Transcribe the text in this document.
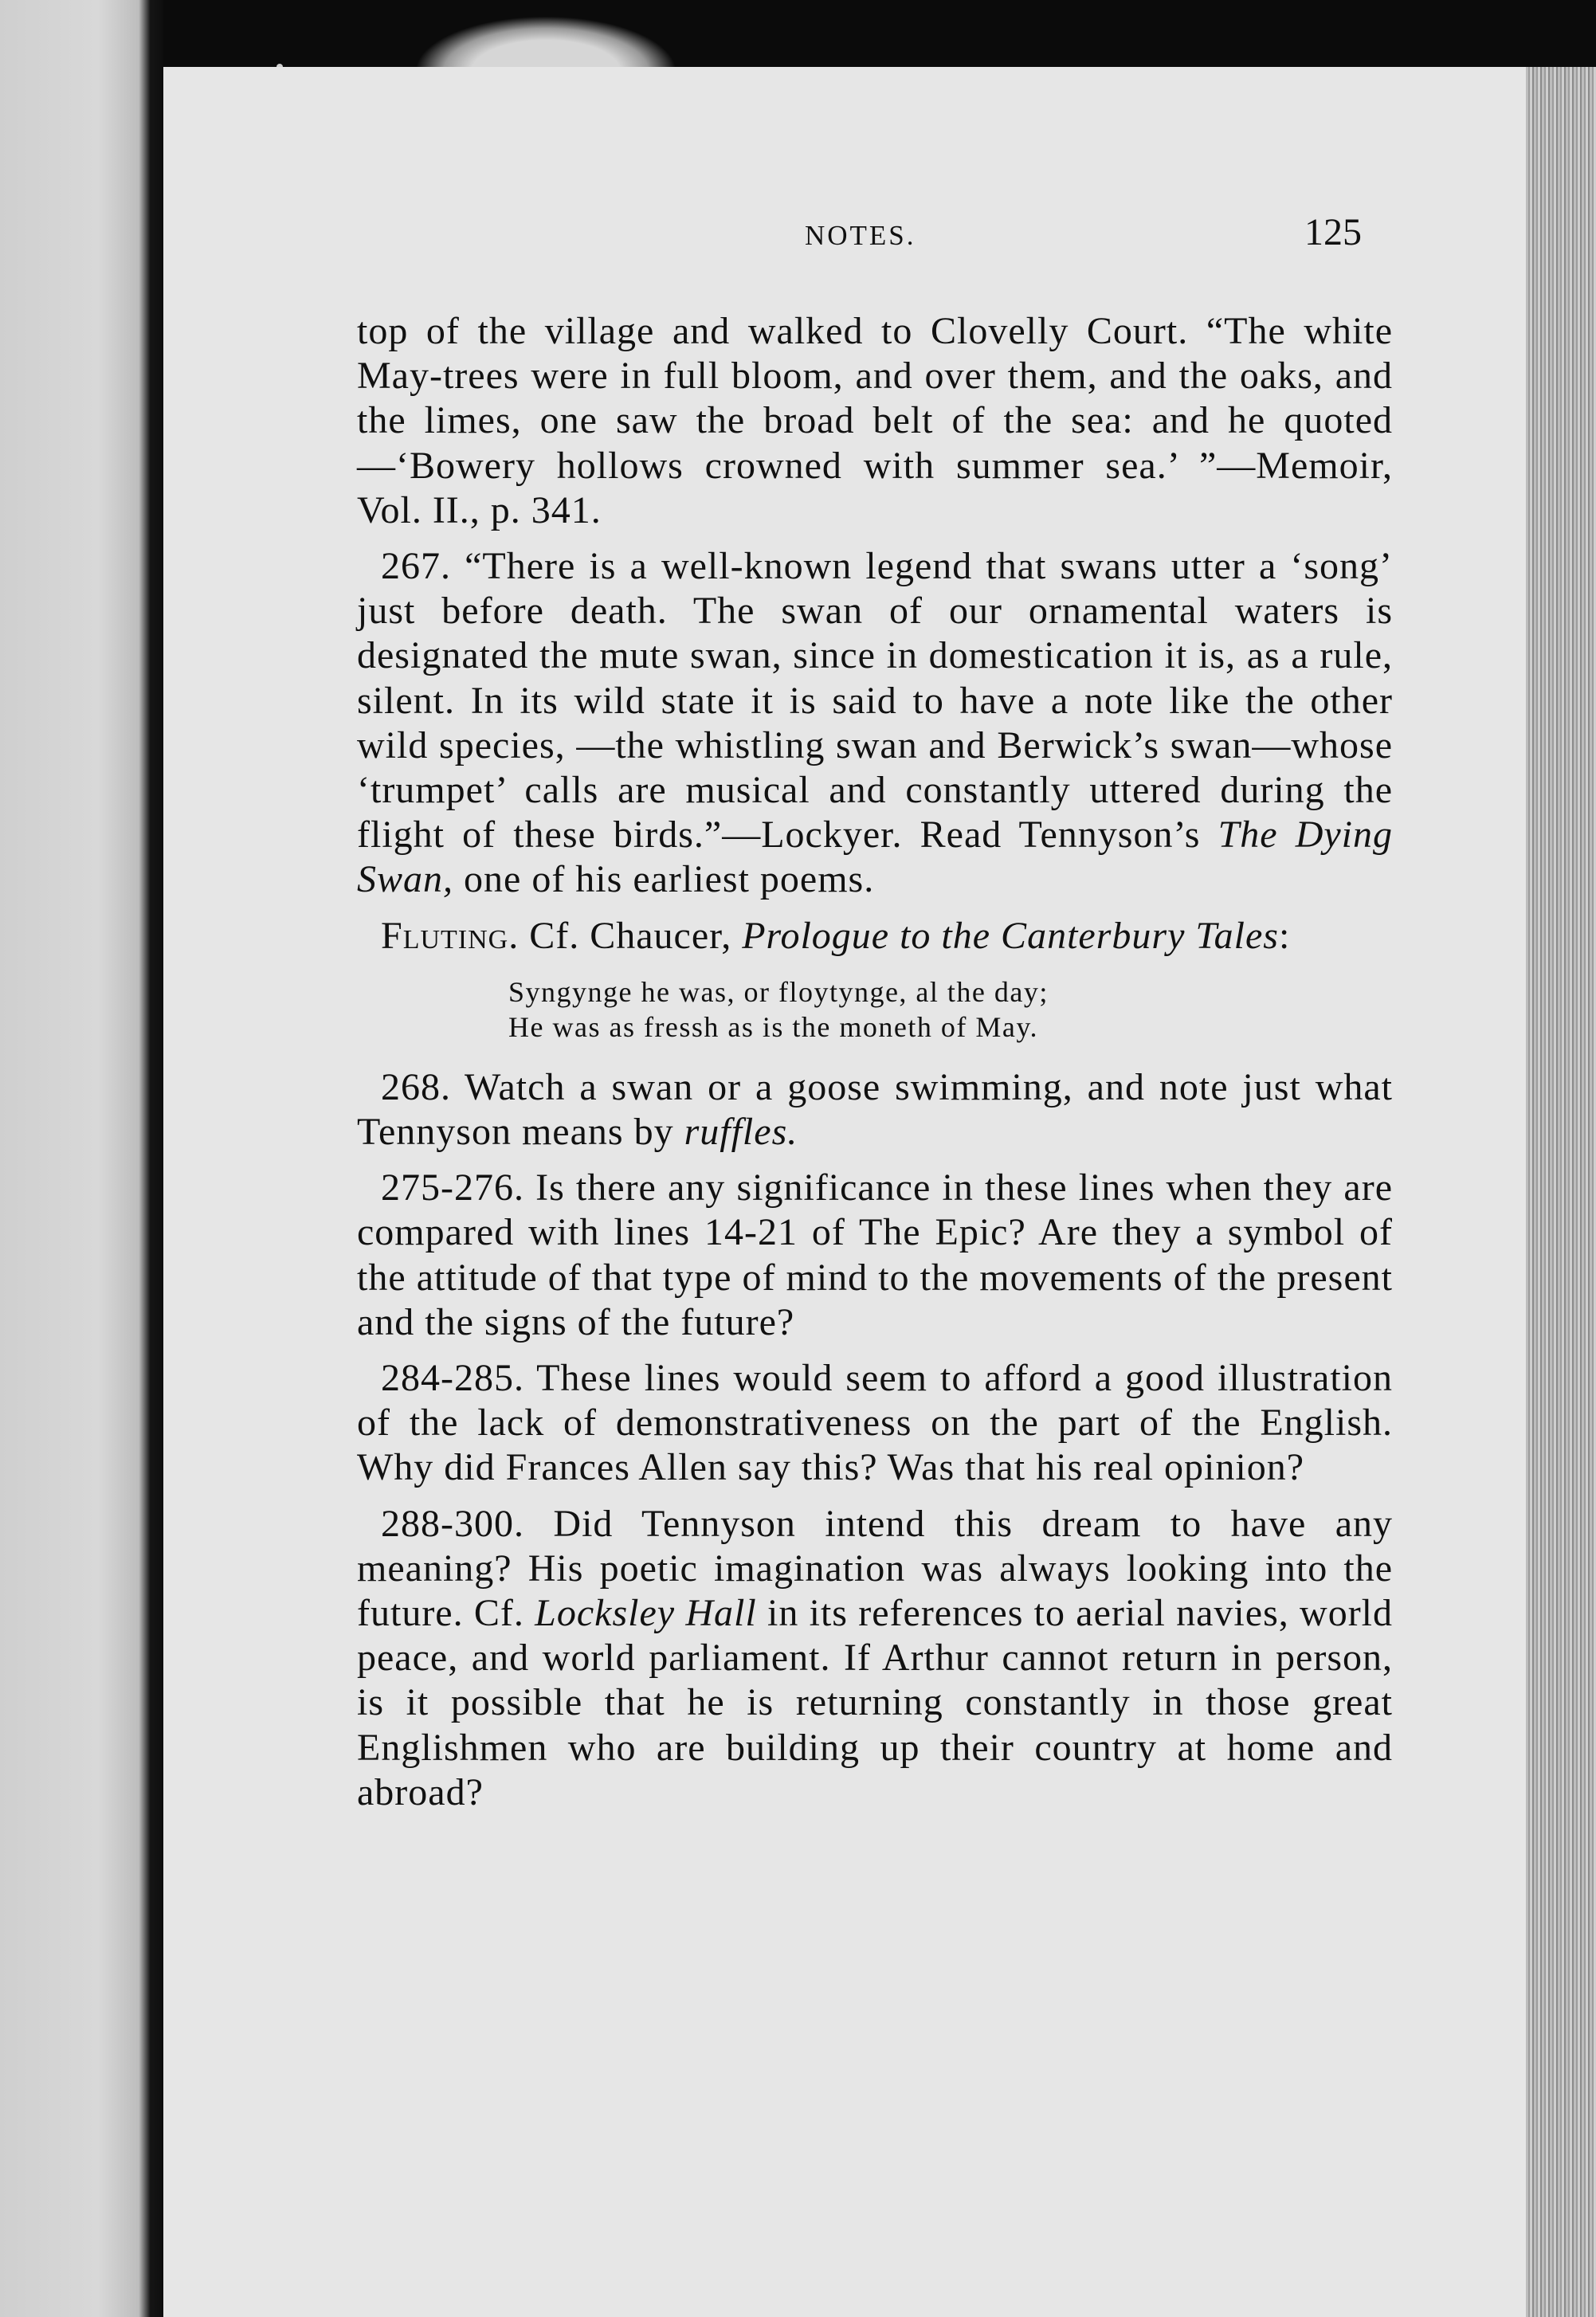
NOTES.	125

top of the village and walked to Clovelly Court. “The white May-trees were in full bloom, and over them, and the oaks, and the limes, one saw the broad belt of the sea: and he quoted—‘Bowery hollows crowned with summer sea.’ ”—Memoir, Vol. II., p. 341.

267. “There is a well-known legend that swans utter a ‘song’ just before death. The swan of our ornamental waters is designated the mute swan, since in domestication it is, as a rule, silent. In its wild state it is said to have a note like the other wild species, —the whistling swan and Berwick’s swan—whose ‘trumpet’ calls are musical and constantly uttered during the flight of these birds.”—Lockyer. Read Tennyson’s The Dying Swan, one of his earliest poems.

Fluting. Cf. Chaucer, Prologue to the Canterbury Tales:

Syngynge he was, or floytynge, al the day;
He was as fressh as is the moneth of May.

268. Watch a swan or a goose swimming, and note just what Tennyson means by ruffles.

275-276. Is there any significance in these lines when they are compared with lines 14-21 of The Epic? Are they a symbol of the attitude of that type of mind to the movements of the present and the signs of the future?

284-285. These lines would seem to afford a good illustration of the lack of demonstrativeness on the part of the English. Why did Frances Allen say this? Was that his real opinion?

288-300. Did Tennyson intend this dream to have any meaning? His poetic imagination was always looking into the future. Cf. Locksley Hall in its references to aerial navies, world peace, and world parliament. If Arthur cannot return in person, is it possible that he is returning constantly in those great Englishmen who are building up their country at home and abroad?
